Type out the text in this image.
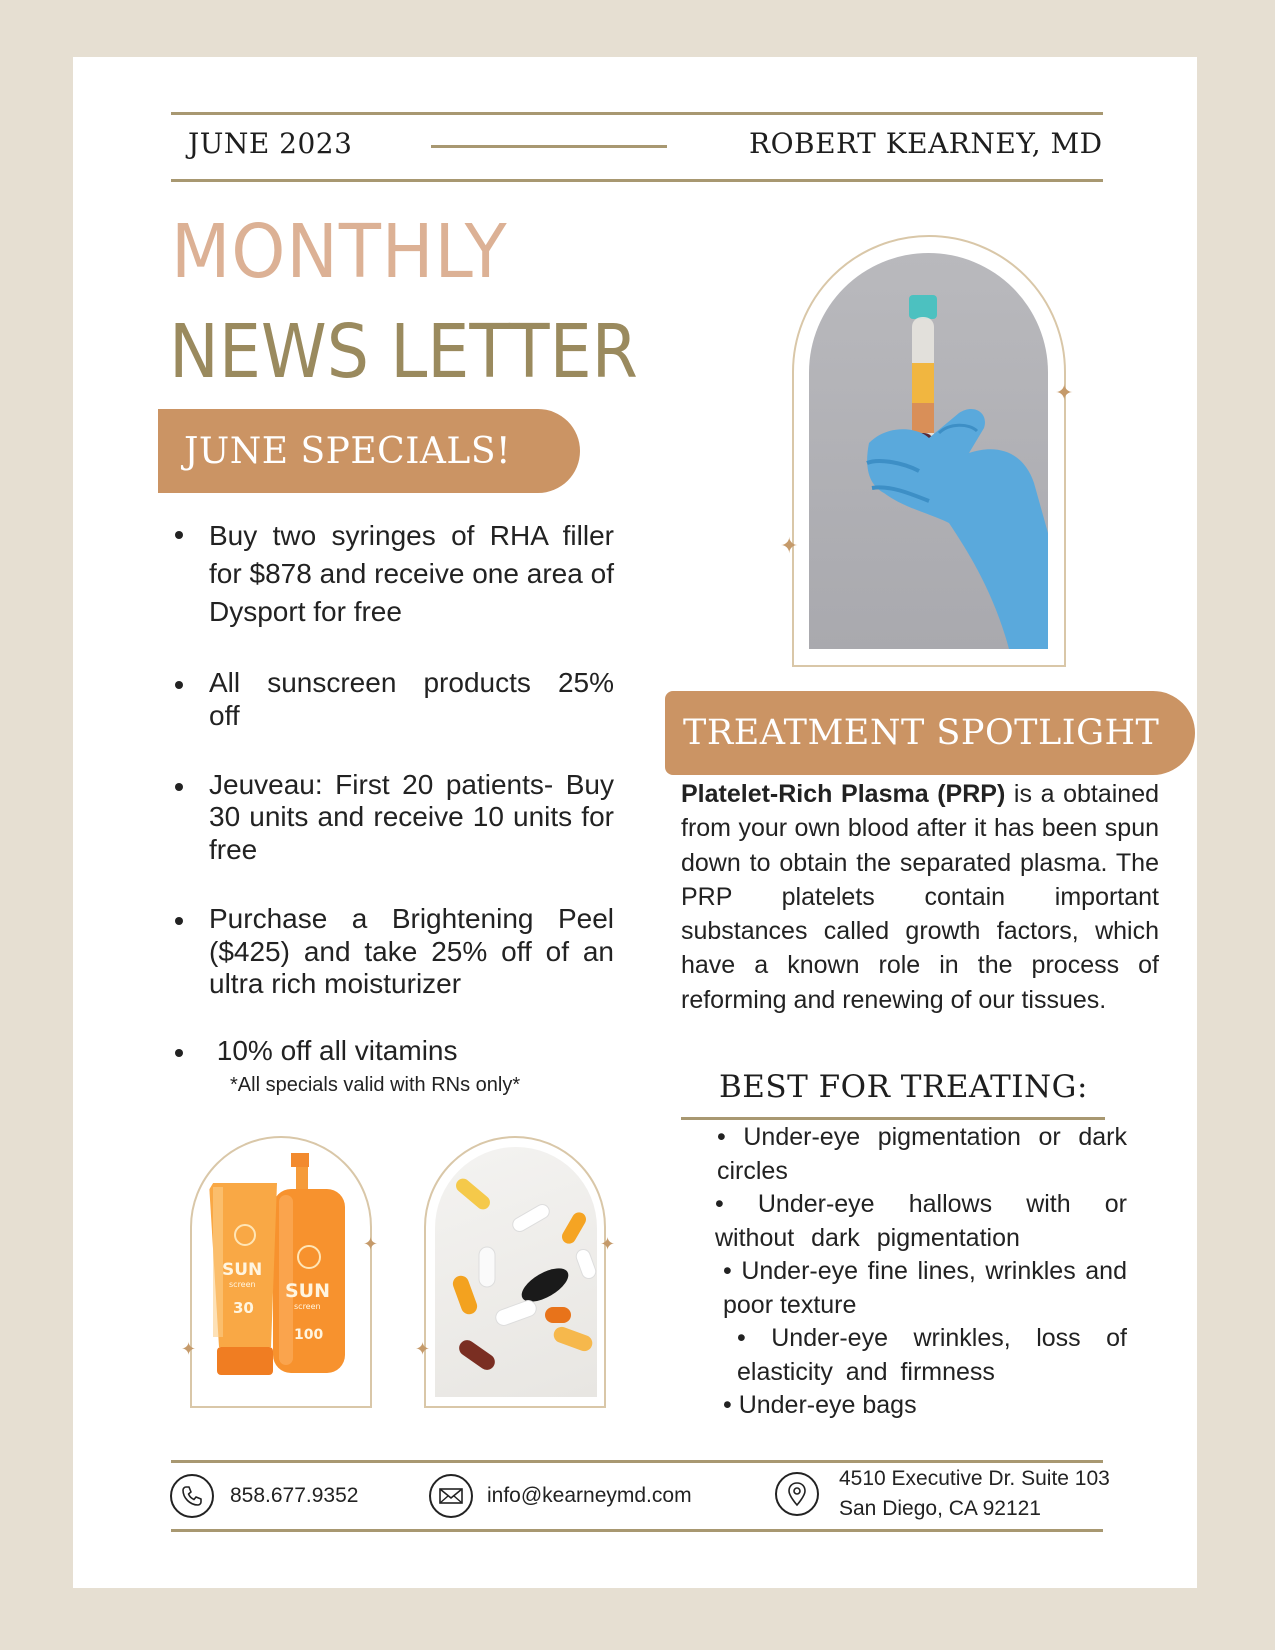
JUNE 2023	ROBERT KEARNEY, MD
MONTHLY
NEWS LETTER
JUNE SPECIALS!
Buy two syringes of RHA filler for $878 and receive one area of Dysport for free
All sunscreen products 25% off
Jeuveau: First 20 patients- Buy 30 units and receive 10 units for free
Purchase a Brightening Peel ($425) and take 25% off of an ultra rich moisturizer
10% off all vitamins
*All specials valid with RNs only*
✦
✦
TREATMENT SPOTLIGHT
Platelet-Rich Plasma (PRP) is a obtained from your own blood after it has been spun down to obtain the separated plasma. The PRP platelets contain important substances called growth factors, which have a known role in the process of reforming and renewing of our tissues.
BEST FOR TREATING:

• Under-eye pigmentation or dark circles

• Under-eye hallows with or without dark pigmentation

• Under-eye fine lines, wrinkles and poor texture

• Under-eye wrinkles, loss of elasticity and firmness

• Under-eye bags

SUN
screen
30
SUN
screen
100
✦
✦
✦
✦
858.677.9352	info@kearneymd.com
4510 Executive Dr. Suite 103
San Diego, CA 92121
